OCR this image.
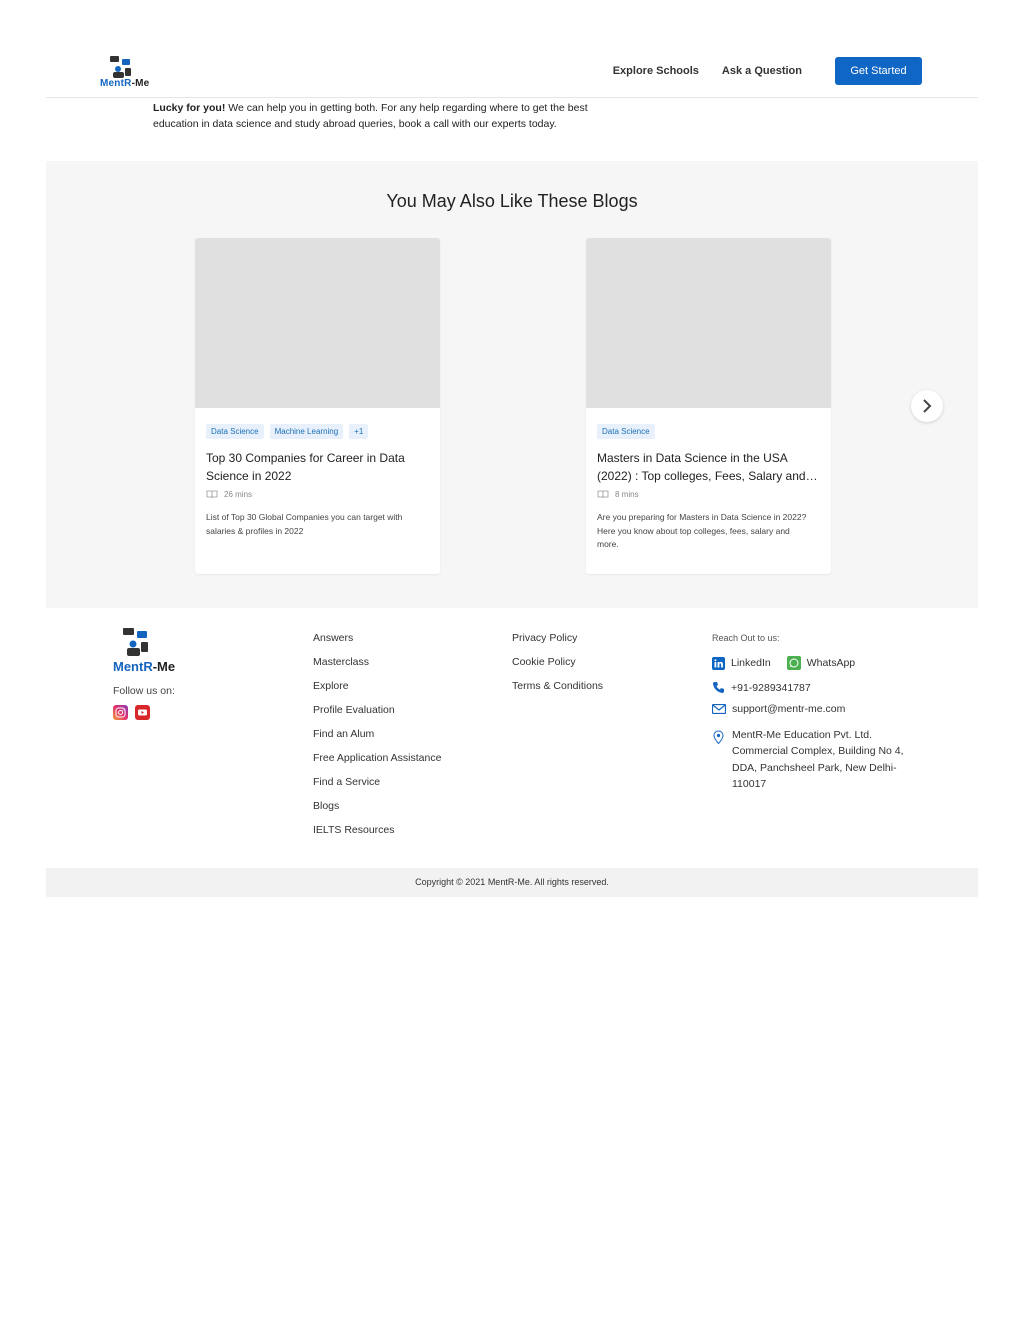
MentR-Me
Explore Schools Ask a Question	Get Started

Lucky for you! We can help you in getting both. For any help regarding where to get the best education in data science and study abroad queries, book a call with our experts today.

You May Also Like These Blogs
Data Science	Machine Learning	+1
Top 30 Companies for Career in Data Science in 2022
26 mins
List of Top 30 Global Companies you can target with salaries & profiles in 2022
Data Science
Masters in Data Science in the USA (2022) : Top colleges, Fees, Salary and…
8 mins
Are you preparing for Masters in Data Science in 2022? Here you know about top colleges, fees, salary and more.
MentR-Me
Follow us on:
Answers
Masterclass
Explore
Profile Evaluation
Find an Alum
Free Application Assistance
Find a Service
Blogs
IELTS Resources
Privacy Policy
Cookie Policy
Terms & Conditions
Reach Out to us:
LinkedIn	WhatsApp
+91-9289341787
support@mentr-me.com
MentR-Me Education Pvt. Ltd. Commercial Complex, Building No 4, DDA, Panchsheel Park, New Delhi-110017
Copyright © 2021 MentR-Me. All rights reserved.
